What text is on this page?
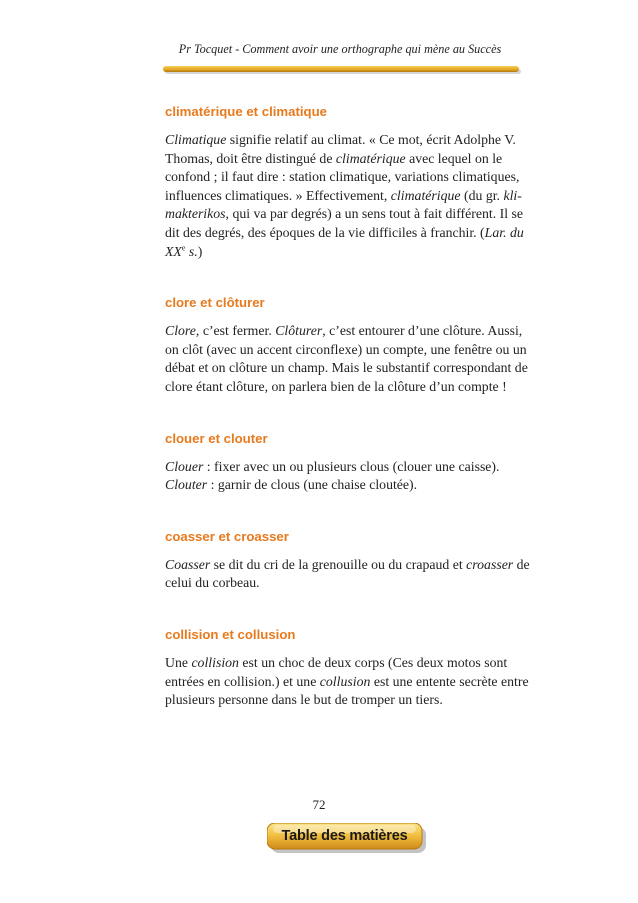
Pr Tocquet - Comment avoir une orthographe qui mène au Succès
climatérique et climatique

Climatique signifie relatif au climat. « Ce mot, écrit Adolphe V. Thomas, doit être distingué de climatérique avec lequel on le confond ; il faut dire : station climatique, variations climatiques, influences climatiques. » Effectivement, climatérique (du gr. kli-makterikos, qui va par degrés) a un sens tout à fait différent. Il se dit des degrés, des époques de la vie difficiles à franchir. (Lar. du XXe s.)

clore et clôturer

Clore, c’est fermer. Clôturer, c’est entourer d’une clôture. Aussi, on clôt (avec un accent circonflexe) un compte, une fenêtre ou un débat et on clôture un champ. Mais le substantif correspondant de clore étant clôture, on parlera bien de la clôture d’un compte !

clouer et clouter

Clouer : fixer avec un ou plusieurs clous (clouer une caisse).
Clouter : garnir de clous (une chaise cloutée).

coasser et croasser

Coasser se dit du cri de la grenouille ou du crapaud et croasser de celui du corbeau.

collision et collusion

Une collision est un choc de deux corps (Ces deux motos sont entrées en collision.) et une collusion est une entente secrète entre plusieurs personne dans le but de tromper un tiers.

72
Table des matières
